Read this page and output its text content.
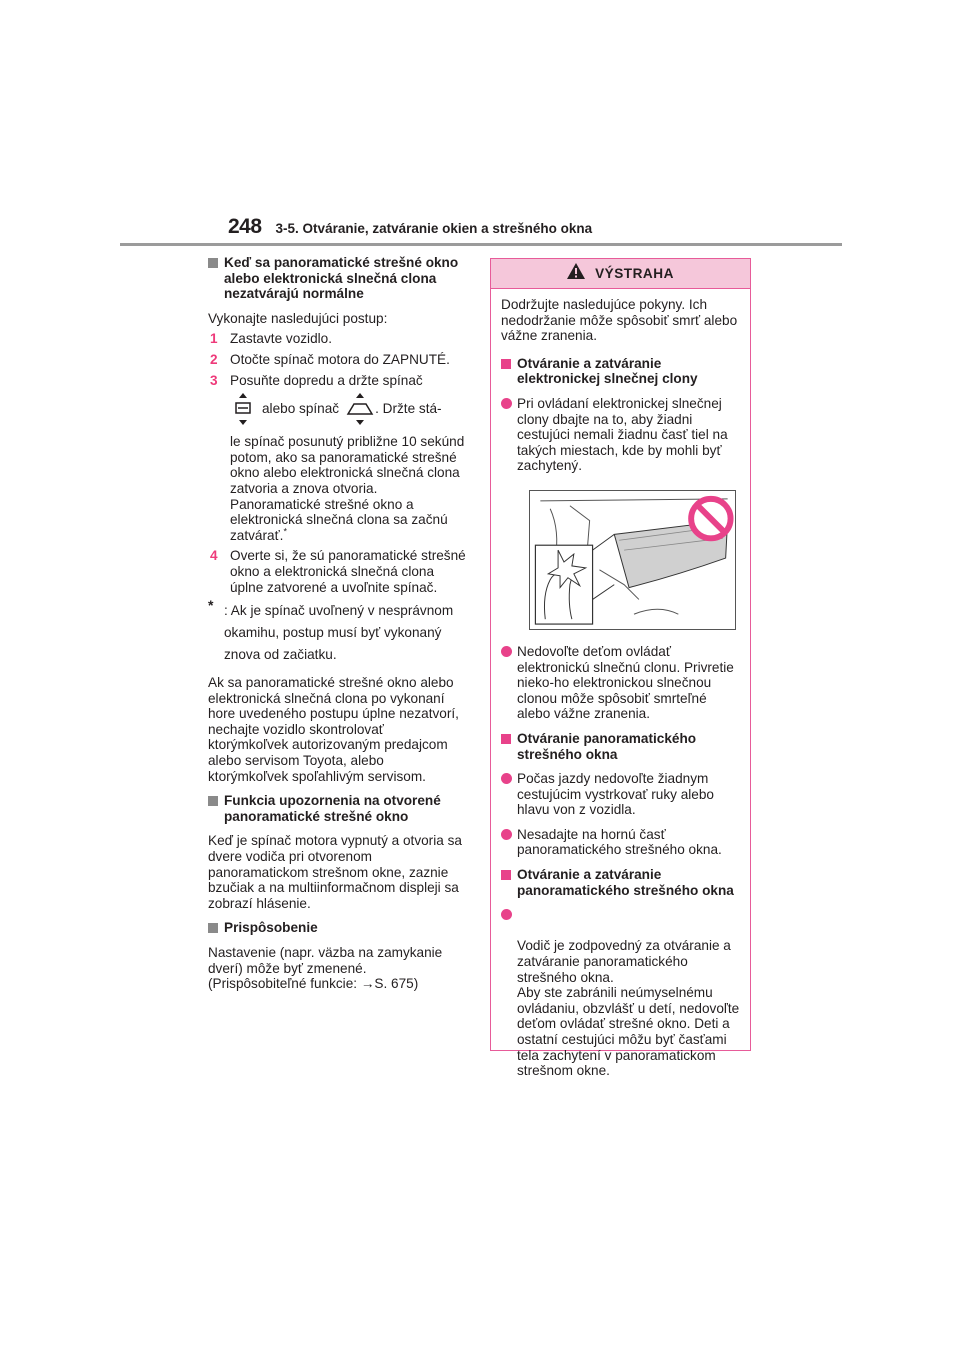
248 3-5. Otváranie, zatváranie okien a strešného okna
Keď sa panoramatické strešné okno alebo elektronická slnečná clona nezatvárajú normálne
Vykonajte nasledujúci postup:
1 Zastavte vozidlo.
2 Otočte spínač motora do ZAPNUTÉ.
3 Posuňte dopredu a držte spínač
alebo spínač	. Držte stá-
le spínač posunutý približne 10 sekúnd potom, ako sa panoramatické strešné okno alebo elektronická slnečná clona zatvoria a znova otvoria. Panoramatické strešné okno a elektronická slnečná clona sa začnú zatvárať.*
4 Overte si, že sú panoramatické strešné okno a elektronická slnečná clona úplne zatvorené a uvoľnite spínač.
* : Ak je spínač uvoľnený v nesprávnom okamihu, postup musí byť vykonaný znova od začiatku.
Ak sa panoramatické strešné okno alebo elektronická slnečná clona po vykonaní hore uvedeného postupu úplne nezatvorí, nechajte vozidlo skontrolovať ktorýmkoľvek autorizovaným predajcom alebo servisom Toyota, alebo ktorýmkoľvek spoľahlivým servisom.
Funkcia upozornenia na otvorené panoramatické strešné okno
Keď je spínač motora vypnutý a otvoria sa dvere vodiča pri otvorenom panoramatickom strešnom okne, zaznie bzučiak a na multiinformačnom displeji sa zobrazí hlásenie.
Prispôsobenie
Nastavenie (napr. väzba na zamykanie dverí) môže byť zmenené. (Prispôsobiteľné funkcie: →S. 675)
VÝSTRAHA
Dodržujte nasledujúce pokyny. Ich nedodržanie môže spôsobiť smrť alebo vážne zranenia.
Otváranie a zatváranie elektronickej slnečnej clony
Pri ovládaní elektronickej slnečnej clony dbajte na to, aby žiadni cestujúci nemali žiadnu časť tiel na takých miestach, kde by mohli byť zachytený.
Nedovoľte deťom ovládať elektronickú slnečnú clonu. Privretie nieko-ho elektronickou slnečnou clonou môže spôsobiť smrteľné alebo vážne zranenia.
Otváranie panoramatického strešného okna
Počas jazdy nedovoľte žiadnym cestujúcim vystrkovať ruky alebo hlavu von z vozidla.
Nesadajte na hornú časť panoramatického strešného okna.
Otváranie a zatváranie panoramatického strešného okna

Vodič je zodpovedný za otváranie a zatváranie panoramatického strešného okna.
Aby ste zabránili neúmyselnému ovládaniu, obzvlášť u detí, nedovoľte deťom ovládať strešné okno. Deti a ostatní cestujúci môžu byť časťami tela zachytení v panoramatickom strešnom okne.
